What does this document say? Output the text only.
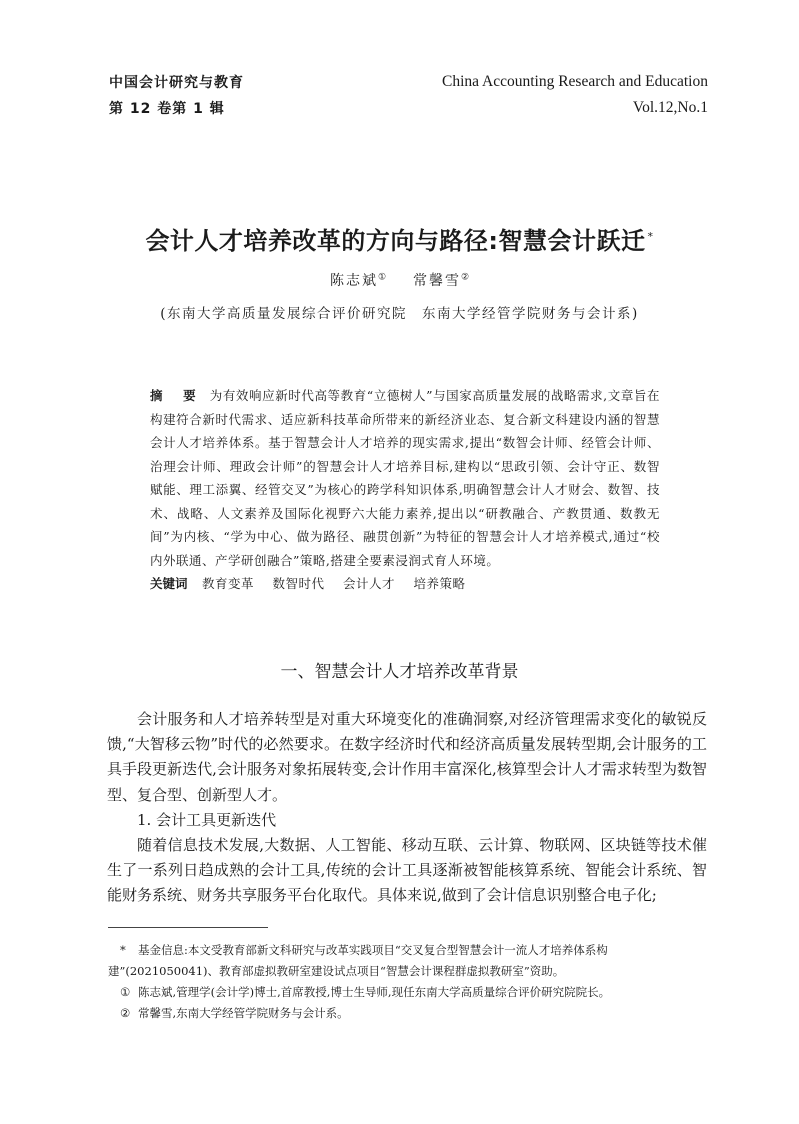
中国会计研究与教育
第 12 卷第 1 辑
China Accounting Research and Education
Vol.12,No.1
会计人才培养改革的方向与路径:智慧会计跃迁 *
陈志斌① 常馨雪②
(东南大学高质量发展综合评价研究院　东南大学经管学院财务与会计系)
摘　要 为有效响应新时代高等教育“立德树人”与国家高质量发展的战略需求,文章旨在构建符合新时代需求、适应新科技革命所带来的新经济业态、复合新文科建设内涵的智慧会计人才培养体系。基于智慧会计人才培养的现实需求,提出“数智会计师、经管会计师、治理会计师、理政会计师”的智慧会计人才培养目标,建构以“思政引领、会计守正、数智赋能、理工添翼、经管交叉”为核心的跨学科知识体系,明确智慧会计人才财会、数智、技术、战略、人文素养及国际化视野六大能力素养,提出以“研教融合、产教贯通、数教无间”为内核、“学为中心、做为路径、融贯创新”为特征的智慧会计人才培养模式,通过“校内外联通、产学研创融合”策略,搭建全要素浸润式育人环境。
关键词 教育变革 数智时代 会计人才 培养策略
一、智慧会计人才培养改革背景

会计服务和人才培养转型是对重大环境变化的准确洞察,对经济管理需求变化的敏锐反馈,“大智移云物”时代的必然要求。在数字经济时代和经济高质量发展转型期,会计服务的工具手段更新迭代,会计服务对象拓展转变,会计作用丰富深化,核算型会计人才需求转型为数智型、复合型、创新型人才。

1. 会计工具更新迭代

随着信息技术发展,大数据、人工智能、移动互联、云计算、物联网、区块链等技术催生了一系列日趋成熟的会计工具,传统的会计工具逐渐被智能核算系统、智能会计系统、智能财务系统、财务共享服务平台化取代。具体来说,做到了会计信息识别整合电子化;

* 基金信息:本文受教育部新文科研究与改革实践项目“交叉复合型智慧会计一流人才培养体系构建”(2021050041)、教育部虚拟教研室建设试点项目“智慧会计课程群虚拟教研室”资助。

① 陈志斌,管理学(会计学)博士,首席教授,博士生导师,现任东南大学高质量综合评价研究院院长。

② 常馨雪,东南大学经管学院财务与会计系。
